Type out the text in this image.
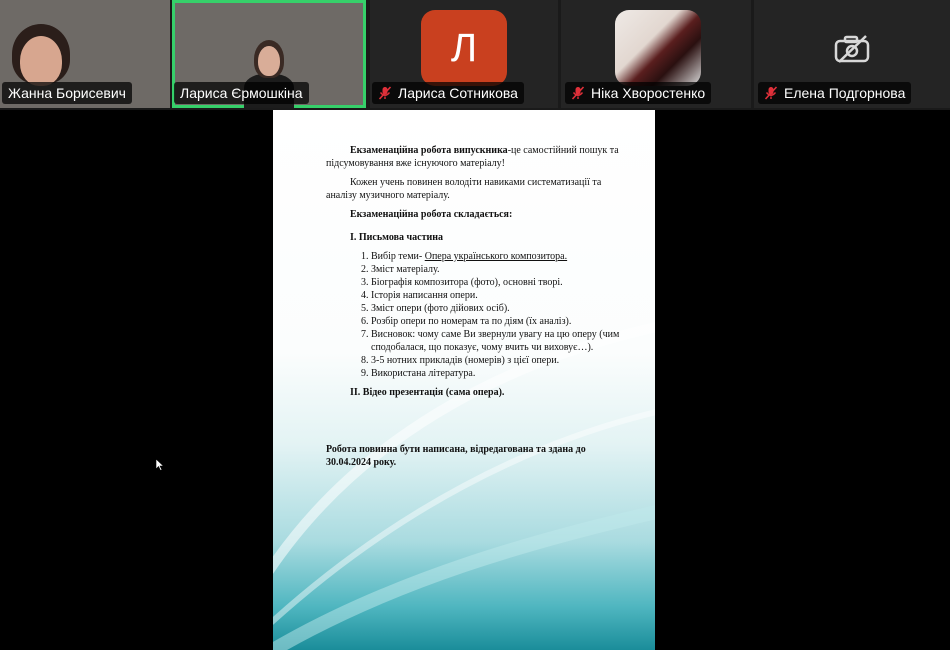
Л
Жанна Борисевич	Лариса Єрмошкіна	Лариса Сотникова	Ніка Хворостенко	Елена Подгорнова

Екзаменаційна робота випускника-це самостійний пошук та підсумовування вже існуючого матеріалу!

Кожен учень повинен володіти навиками систематизації та аналізу музичного матеріалу.

Екзаменаційна робота складається:
I. Письмова частина
1. Вибір теми- Опера українського композитора.
2. Зміст матеріалу.
3. Біографія композитора (фото), основні творі.
4. Історія написання опери.
5. Зміст опери (фото дійових осіб).
6. Розбір опери по номерам та по діям (їх аналіз).
7. Висновок: чому саме Ви звернули увагу на цю оперу (чим сподобалася, що показує, чому вчить чи виховує…).
8. 3-5 нотних прикладів (номерів) з цієї опери.
9. Використана література.
II. Відео презентація (сама опера).

Робота повинна бути написана, відредагована та здана до 30.04.2024 року.
